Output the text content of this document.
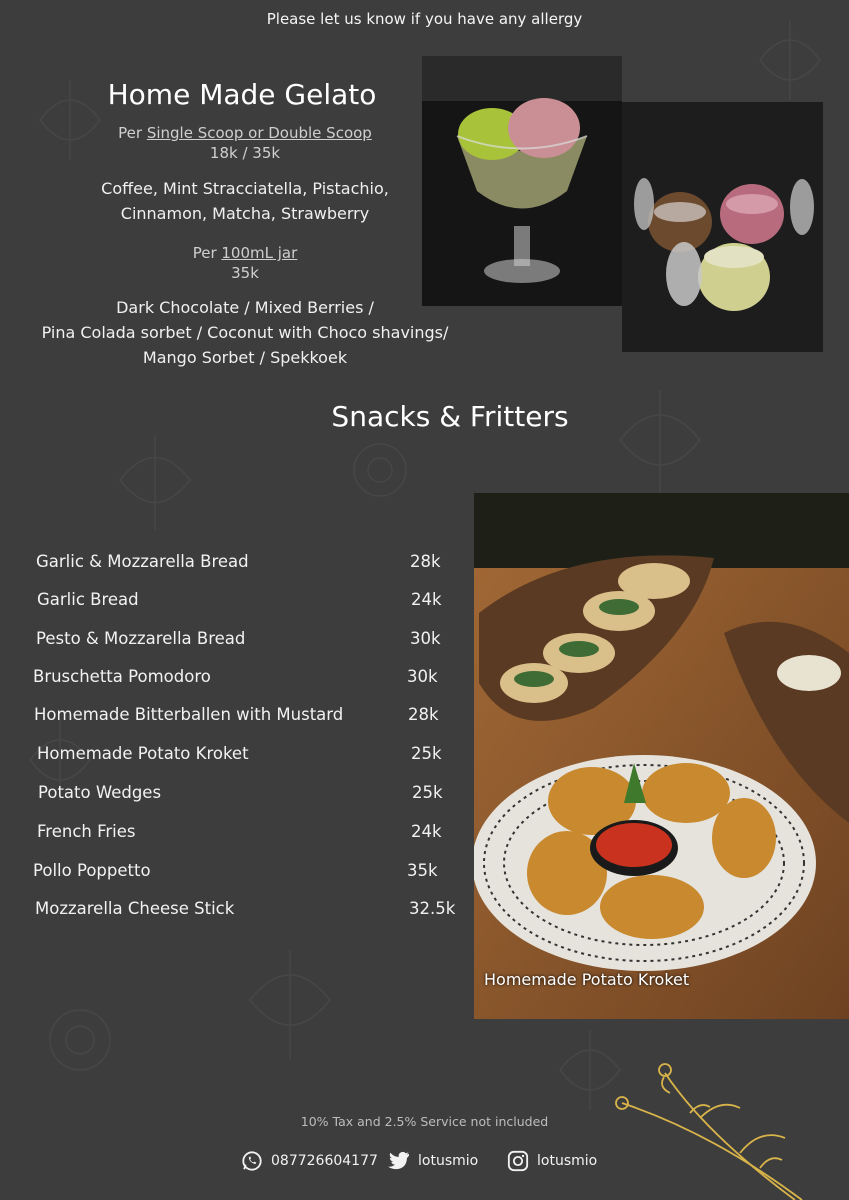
Please let us know if you have any allergy
Home Made Gelato
Per Single Scoop or Double Scoop
18k / 35k
Coffee, Mint Stracciatella, Pistachio,
Cinnamon, Matcha, Strawberry
Per 100mL jar
35k
Dark Chocolate / Mixed Berries /
Pina Colada sorbet / Coconut with Choco shavings/
Mango Sorbet / Spekkoek
Snacks & Fritters
Garlic & Mozzarella Bread	28k
Garlic Bread	24k
Pesto & Mozzarella Bread	30k
Bruschetta Pomodoro	30k
Homemade Bitterballen with Mustard	28k
Homemade Potato Kroket	25k
Potato Wedges	25k
French Fries	24k
Pollo Poppetto	35k
Mozzarella Cheese Stick	32.5k
Homemade Potato Kroket
10% Tax and 2.5% Service not included
087726604177	lotusmio	lotusmio
